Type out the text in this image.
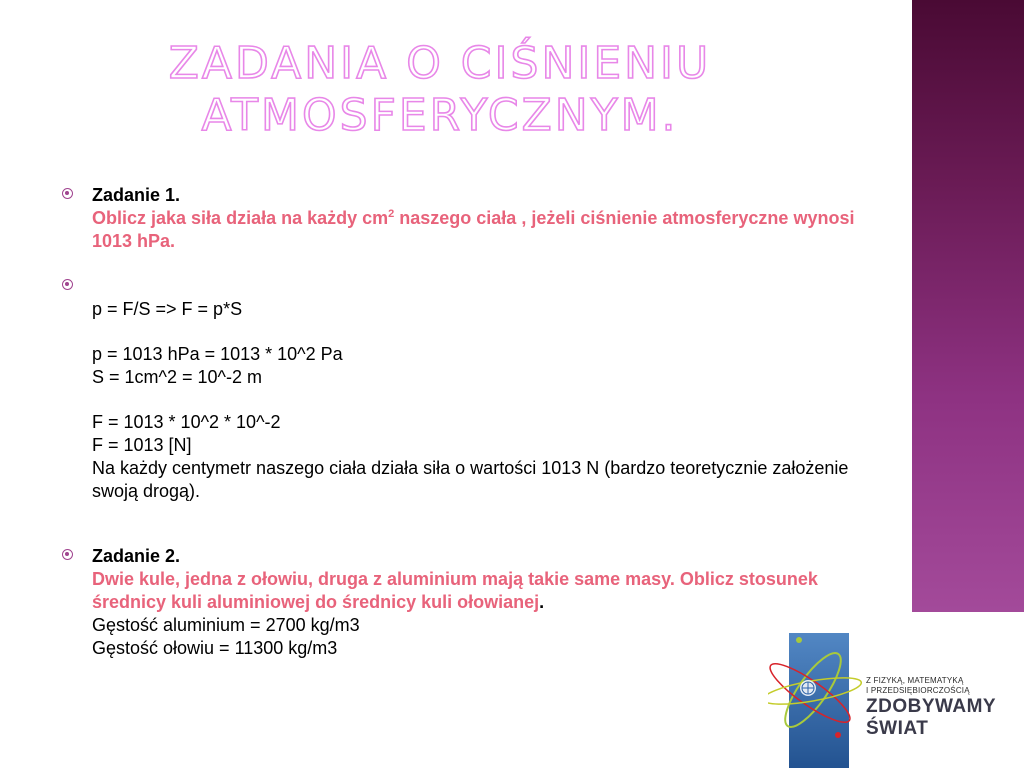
ZADANIA O CIŚNIENIU
ATMOSFERYCZNYM.
Zadanie 1.
Oblicz jaka siła działa na każdy $cm^2$ naszego ciała , jeżeli ciśnienie atmosferyczne wynosi 1013 hPa.

p = F/S => F = p*S
p = 1013 hPa = 1013 * 10^2 Pa
S = 1cm^2 = 10^-2 m
F = 1013 * 10^2 * 10^-2
F = 1013 [N]
Na każdy centymetr naszego ciała działa siła o wartości 1013 N (bardzo teoretycznie założenie swoją drogą).
Zadanie 2.
Dwie kule, jedna z ołowiu, druga z aluminium mają takie same masy. Oblicz stosunek średnicy kuli aluminiowej do średnicy kuli ołowianej.
Gęstość aluminium = 2700 kg/m3
Gęstość ołowiu = 11300 kg/m3
Z FIZYKĄ, MATEMATYKĄ
I PRZEDSIĘBIORCZOŚCIĄ
ZDOBYWAMY
ŚWIAT
